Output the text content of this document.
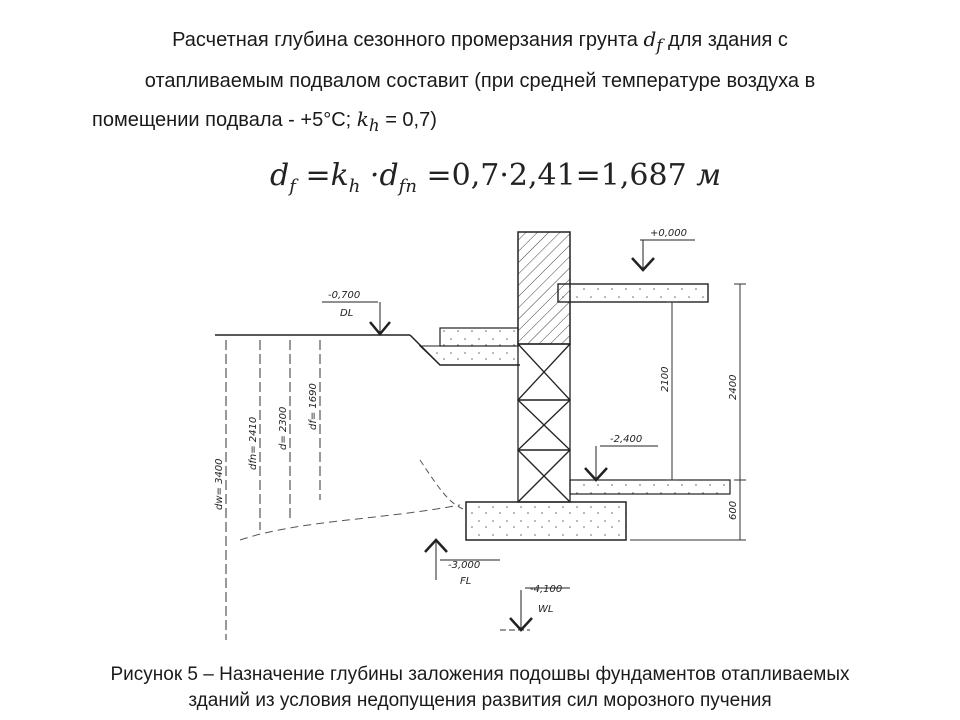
Расчетная глубина сезонного промерзания грунта $d_f$ для здания с
отапливаемым подвалом составит (при средней температуре воздуха в
помещении подвала - +5°С; $k_h = 0,7$)
$d_f =k_h \cdot d_{fn} =0,7\cdot 2,41=1,687$ м
+0,000
-0,700
DL
-2,400
-3,000
FL
-4,100
WL
2100	2400
600
dw= 3400
dfn= 2410 d= 2300 df= 1690
Рисунок 5 – Назначение глубины заложения подошвы фундаментов отапливаемых
зданий из условия недопущения развития сил морозного пучения
